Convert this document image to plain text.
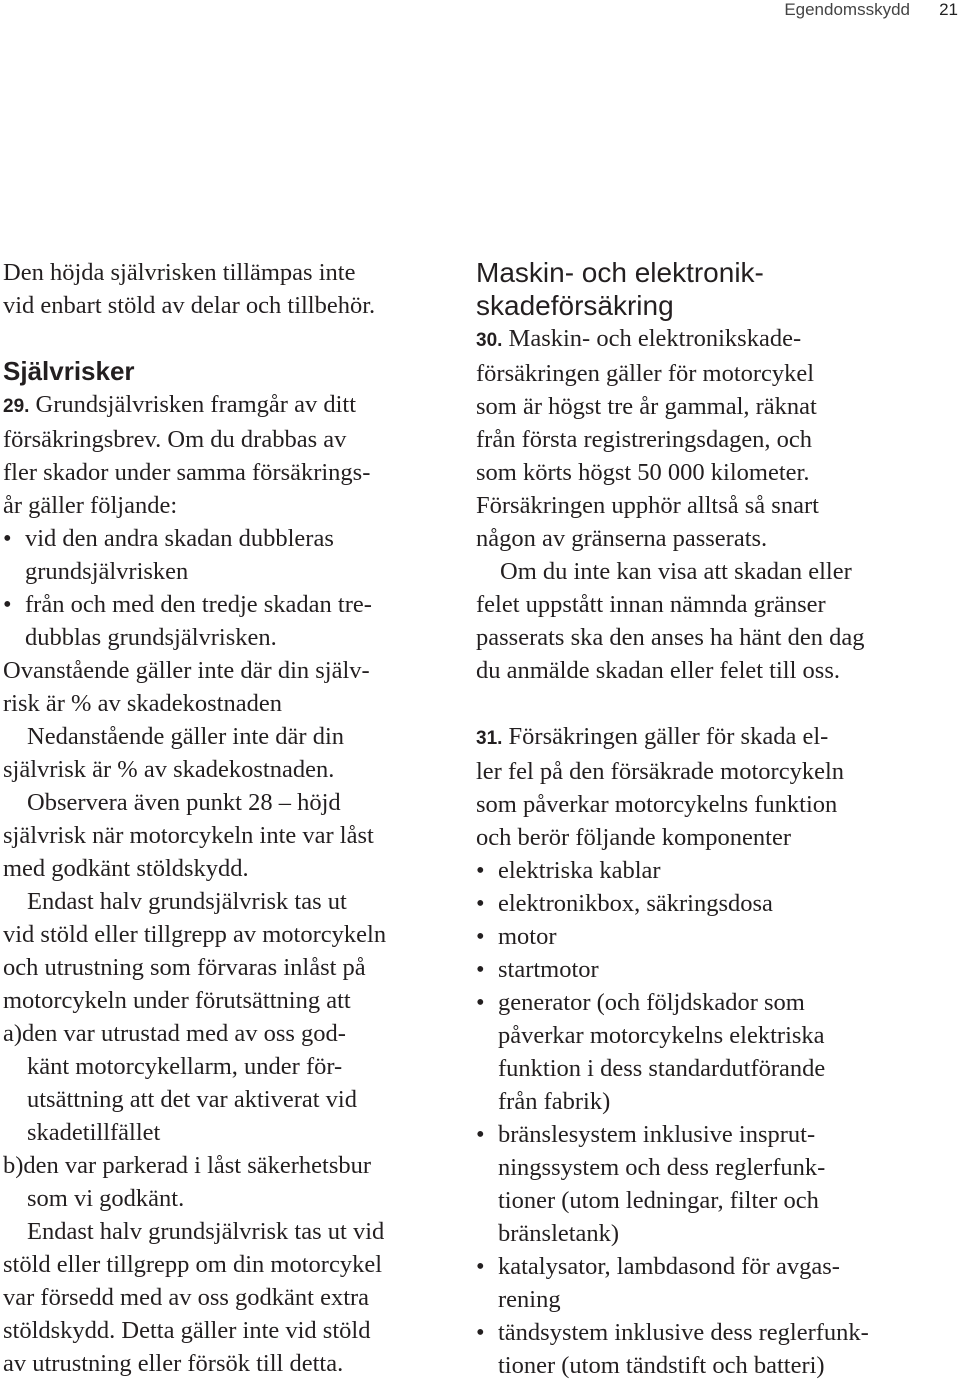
Egendomsskydd 21
Den höjda självrisken tillämpas inte
vid enbart stöld av delar och tillbehör.
Självrisker
29. Grundsjälvrisken framgår av ditt
försäkringsbrev. Om du drabbas av
fler skador under samma försäkrings-
år gäller följande:
• vid den andra skadan dubbleras
grundsjälvrisken
• från och med den tredje skadan tre-
dubblas grundsjälvrisken.
Ovanstående gäller inte där din själv-
risk är % av skadekostnaden
Nedanstående gäller inte där din
självrisk är % av skadekostnaden.
Observera även punkt 28 – höjd
självrisk när motorcykeln inte var låst
med godkänt stöldskydd.
Endast halv grundsjälvrisk tas ut
vid stöld eller tillgrepp av motorcykeln
och utrustning som förvaras inlåst på
motorcykeln under förutsättning att
a)den var utrustad med av oss god-
känt motorcykellarm, under för-
utsättning att det var aktiverat vid
skadetillfället
b)den var parkerad i låst säkerhetsbur
som vi godkänt.
Endast halv grundsjälvrisk tas ut vid
stöld eller tillgrepp om din motorcykel
var försedd med av oss godkänt extra
stöldskydd. Detta gäller inte vid stöld
av utrustning eller försök till detta.
Maskin- och elektronik-
skadeförsäkring
30. Maskin- och elektronikskade-
försäkringen gäller för motorcykel
som är högst tre år gammal, räknat
från första registreringsdagen, och
som körts högst 50 000 kilometer.
Försäkringen upphör alltså så snart
någon av gränserna passerats.
Om du inte kan visa att skadan eller
felet uppstått innan nämnda gränser
passerats ska den anses ha hänt den dag
du anmälde skadan eller felet till oss.
31. Försäkringen gäller för skada el-
ler fel på den försäkrade motorcykeln
som påverkar motorcykelns funktion
och berör följande komponenter
• elektriska kablar
• elektronikbox, säkringsdosa
• motor
• startmotor
• generator (och följdskador som
påverkar motorcykelns elektriska
funktion i dess standardutförande
från fabrik)
• bränslesystem inklusive insprut-
ningssystem och dess reglerfunk-
tioner (utom ledningar, filter och
bränsletank)
• katalysator, lambdasond för avgas-
rening
• tändsystem inklusive dess reglerfunk-
tioner (utom tändstift och batteri)
